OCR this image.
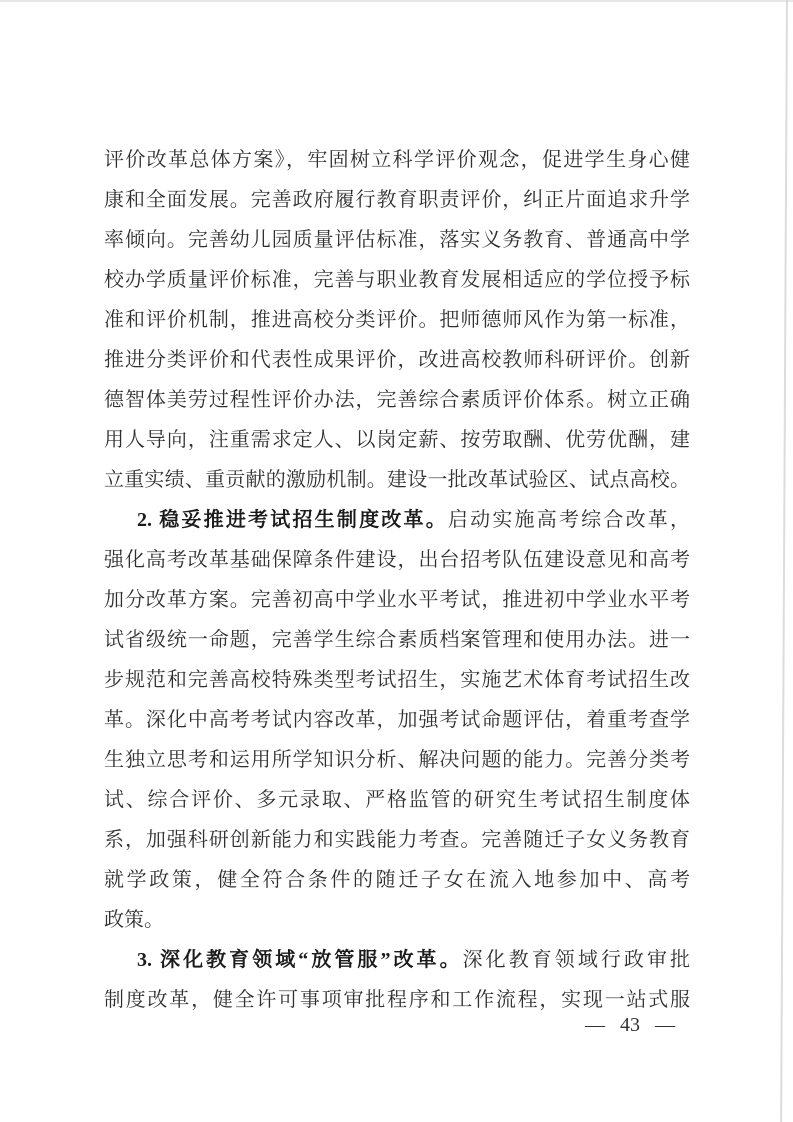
评价改革总体方案》，牢固树立科学评价观念，促进学生身心健
康和全面发展。完善政府履行教育职责评价，纠正片面追求升学
率倾向。完善幼儿园质量评估标准，落实义务教育、普通高中学
校办学质量评价标准，完善与职业教育发展相适应的学位授予标
准和评价机制，推进高校分类评价。把师德师风作为第一标准，
推进分类评价和代表性成果评价，改进高校教师科研评价。创新
德智体美劳过程性评价办法，完善综合素质评价体系。树立正确
用人导向，注重需求定人、以岗定薪、按劳取酬、优劳优酬，建
立重实绩、重贡献的激励机制。建设一批改革试验区、试点高校。
2. 稳妥推进考试招生制度改革。启动实施高考综合改革，
强化高考改革基础保障条件建设，出台招考队伍建设意见和高考
加分改革方案。完善初高中学业水平考试，推进初中学业水平考
试省级统一命题，完善学生综合素质档案管理和使用办法。进一
步规范和完善高校特殊类型考试招生，实施艺术体育考试招生改
革。深化中高考考试内容改革，加强考试命题评估，着重考查学
生独立思考和运用所学知识分析、解决问题的能力。完善分类考
试、综合评价、多元录取、严格监管的研究生考试招生制度体
系，加强科研创新能力和实践能力考查。完善随迁子女义务教育
就学政策，健全符合条件的随迁子女在流入地参加中、高考
政策。
3. 深化教育领域“放管服”改革。深化教育领域行政审批
制度改革，健全许可事项审批程序和工作流程，实现一站式服
— 43 —
